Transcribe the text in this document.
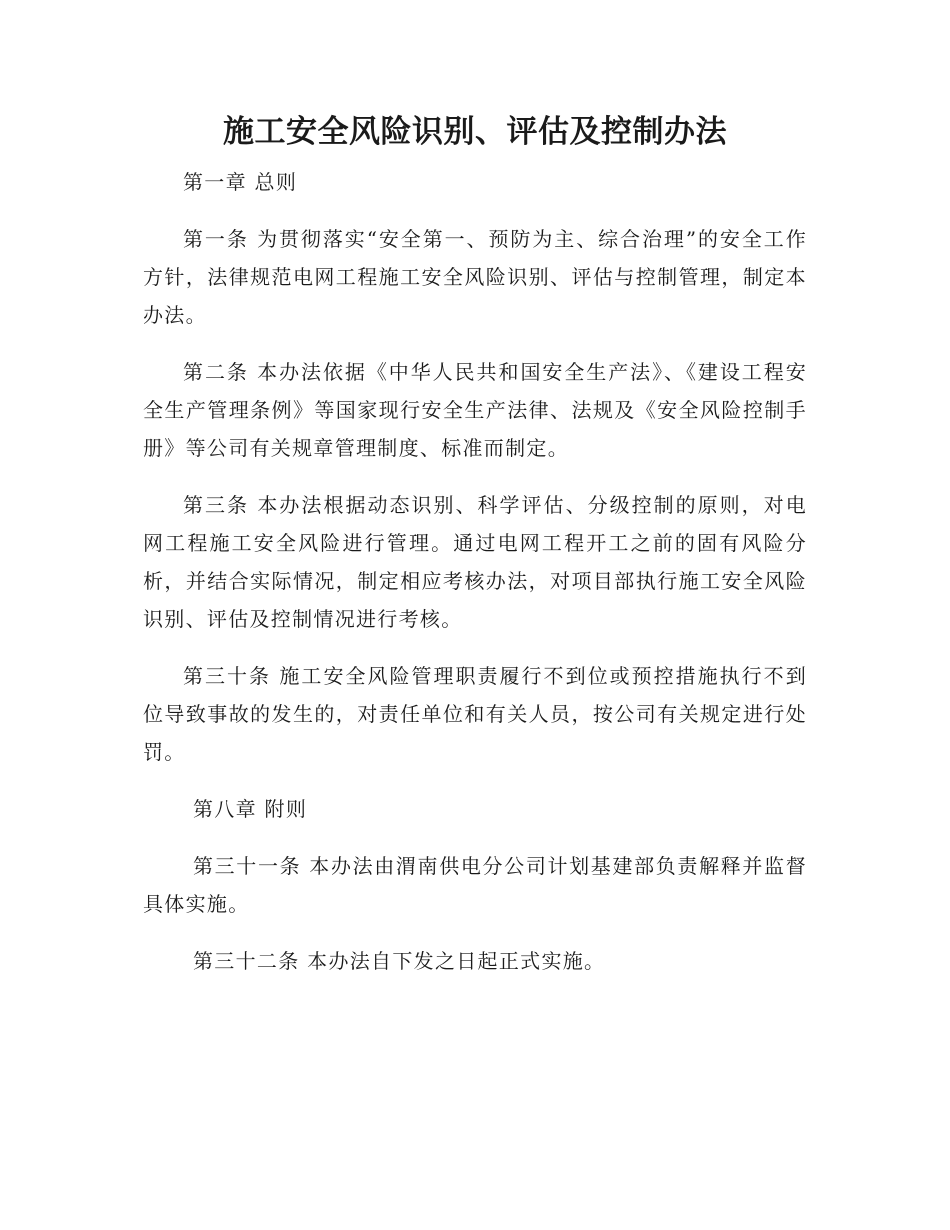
施工安全风险识别、评估及控制办法

第一章 总则

第一条 为贯彻落实“安全第一、预防为主、综合治理”的安全工作方针，法律规范电网工程施工安全风险识别、评估与控制管理，制定本办法。

第二条 本办法依据《中华人民共和国安全生产法》、《建设工程安全生产管理条例》等国家现行安全生产法律、法规及《安全风险控制手册》等公司有关规章管理制度、标准而制定。

第三条 本办法根据动态识别、科学评估、分级控制的原则，对电网工程施工安全风险进行管理。通过电网工程开工之前的固有风险分析，并结合实际情况，制定相应考核办法，对项目部执行施工安全风险识别、评估及控制情况进行考核。

第三十条 施工安全风险管理职责履行不到位或预控措施执行不到位导致事故的发生的，对责任单位和有关人员，按公司有关规定进行处罚。

第八章 附则

第三十一条 本办法由渭南供电分公司计划基建部负责解释并监督具体实施。

第三十二条 本办法自下发之日起正式实施。
